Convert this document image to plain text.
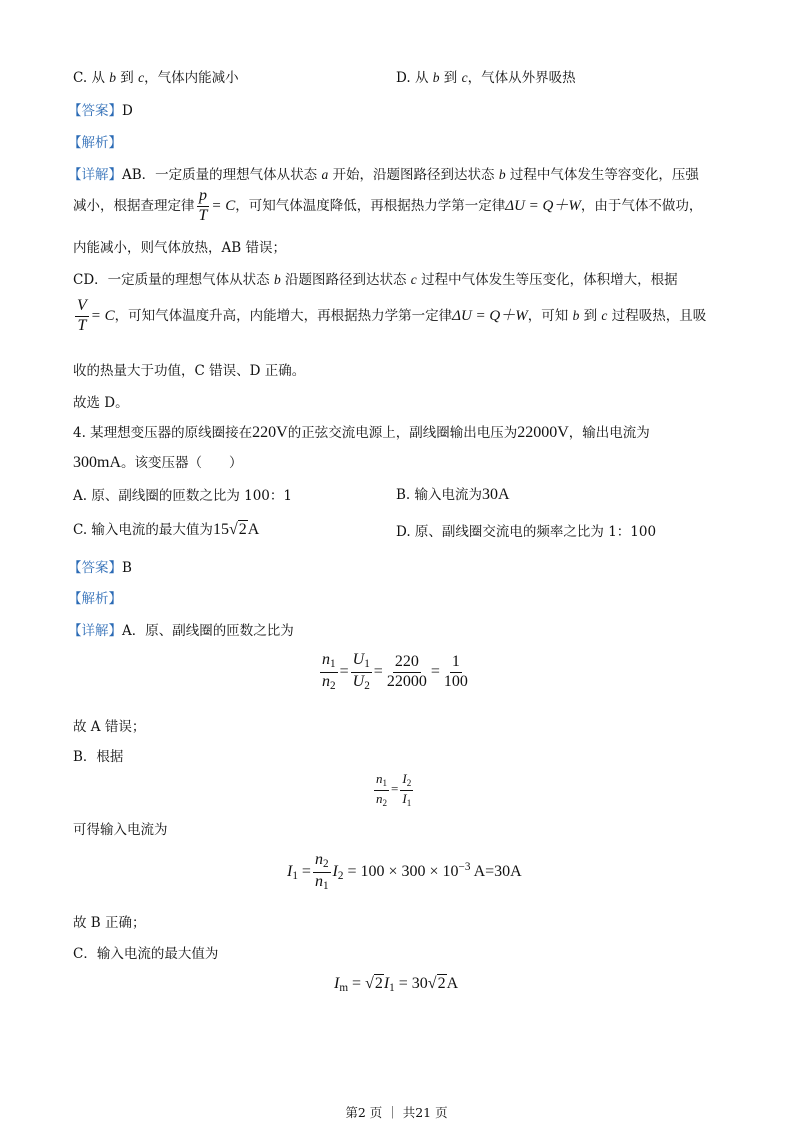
C. 从 b 到 c，气体内能减小	D. 从 b 到 c，气体从外界吸热
【答案】D
【解析】
【详解】AB．一定质量的理想气体从状态 a 开始，沿题图路径到达状态 b 过程中气体发生等容变化，压强
减小，根据查理定律 $\frac{p}{T} = C$，可知气体温度降低，再根据热力学第一定律ΔU = Q＋W，由于气体不做功，
内能减小，则气体放热，AB 错误；
CD．一定质量的理想气体从状态 b 沿题图路径到达状态 c 过程中气体发生等压变化，体积增大，根据
$\frac{V}{T} = C$，可知气体温度升高，内能增大，再根据热力学第一定律ΔU = Q＋W，可知 b 到 c 过程吸热，且吸
收的热量大于功值，C 错误、D 正确。
故选 D。
4. 某理想变压器的原线圈接在220V的正弦交流电源上，副线圈输出电压为22000V，输出电流为
300mA。该变压器（　　）
A. 原、副线圈的匝数之比为 100：1	B. 输入电流为30A
C. 输入电流的最大值为15√2A	D. 原、副线圈交流电的频率之比为 1：100
【答案】B
【解析】
【详解】A．原、副线圈的匝数之比为
$\frac{n_1}{n_2} = \frac{U_1}{U_2} = \frac{220}{22000} = \frac{1}{100}$
故 A 错误；
B．根据
$\frac{n_1}{n_2} = \frac{I_2}{I_1}$
可得输入电流为
$I_1 = \frac{n_2}{n_1} I_2 = 100 \times 300 \times 10^{-3}$ A=30A
故 B 正确；
C．输入电流的最大值为
$I_m = √2I_1 = 30√2A$
第2 页 ｜ 共21 页
